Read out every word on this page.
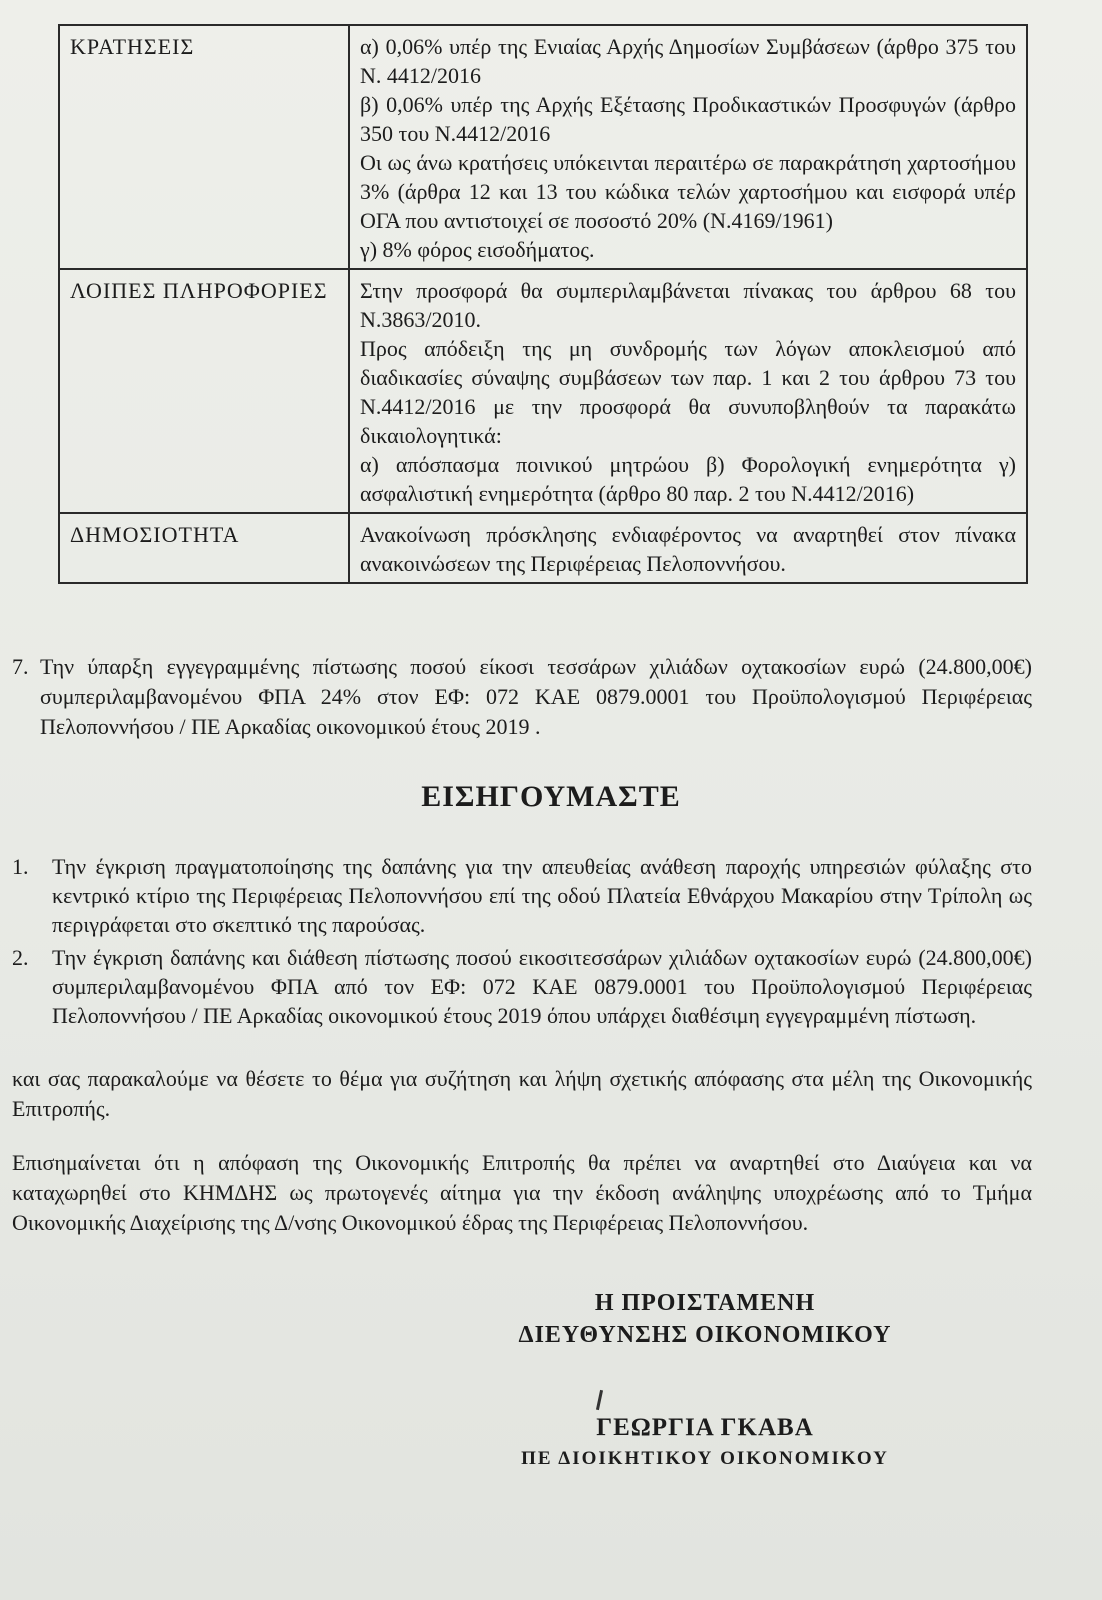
ΚΡΑΤΗΣΕΙΣ	α) 0,06% υπέρ της Ενιαίας Αρχής Δημοσίων Συμβάσεων (άρθρο 375 του Ν. 4412/2016

β) 0,06% υπέρ της Αρχής Εξέτασης Προδικαστικών Προσφυγών (άρθρο 350 του Ν.4412/2016

Οι ως άνω κρατήσεις υπόκεινται περαιτέρω σε παρακράτηση χαρτοσήμου 3% (άρθρα 12 και 13 του κώδικα τελών χαρτοσήμου και εισφορά υπέρ ΟΓΑ που αντιστοιχεί σε ποσοστό 20% (Ν.4169/1961)

γ) 8% φόρος εισοδήματος.

ΛΟΙΠΕΣ ΠΛΗΡΟΦΟΡΙΕΣ	Στην προσφορά θα συμπεριλαμβάνεται πίνακας του άρθρου 68 του Ν.3863/2010.

Προς απόδειξη της μη συνδρομής των λόγων αποκλεισμού από διαδικασίες σύναψης συμβάσεων των παρ. 1 και 2 του άρθρου 73 του Ν.4412/2016 με την προσφορά θα συνυποβληθούν τα παρακάτω δικαιολογητικά:

α) απόσπασμα ποινικού μητρώου β) Φορολογική ενημερότητα γ) ασφαλιστική ενημερότητα (άρθρο 80 παρ. 2 του Ν.4412/2016)

ΔΗΜΟΣΙΟΤΗΤΑ	Ανακοίνωση πρόσκλησης ενδιαφέροντος να αναρτηθεί στον πίνακα ανακοινώσεων της Περιφέρειας Πελοποννήσου.

7. Την ύπαρξη εγγεγραμμένης πίστωσης ποσού είκοσι τεσσάρων χιλιάδων οχτακοσίων ευρώ (24.800,00€) συμπεριλαμβανομένου ΦΠΑ 24% στον ΕΦ: 072 ΚΑΕ 0879.0001 του Προϋπολογισμού Περιφέρειας Πελοποννήσου / ΠΕ Αρκαδίας οικονομικού έτους 2019 .
ΕΙΣΗΓΟΥΜΑΣΤΕ
1. Την έγκριση πραγματοποίησης της δαπάνης για την απευθείας ανάθεση παροχής υπηρεσιών φύλαξης στο κεντρικό κτίριο της Περιφέρειας Πελοποννήσου επί της οδού Πλατεία Εθνάρχου Μακαρίου στην Τρίπολη ως περιγράφεται στο σκεπτικό της παρούσας.
2. Την έγκριση δαπάνης και διάθεση πίστωσης ποσού εικοσιτεσσάρων χιλιάδων οχτακοσίων ευρώ (24.800,00€) συμπεριλαμβανομένου ΦΠΑ από τον ΕΦ: 072 ΚΑΕ 0879.0001 του Προϋπολογισμού Περιφέρειας Πελοποννήσου / ΠΕ Αρκαδίας οικονομικού έτους 2019 όπου υπάρχει διαθέσιμη εγγεγραμμένη πίστωση.
και σας παρακαλούμε να θέσετε το θέμα για συζήτηση και λήψη σχετικής απόφασης στα μέλη της Οικονομικής Επιτροπής.
Επισημαίνεται ότι η απόφαση της Οικονομικής Επιτροπής θα πρέπει να αναρτηθεί στο Διαύγεια και να καταχωρηθεί στο ΚΗΜΔΗΣ ως πρωτογενές αίτημα για την έκδοση ανάληψης υποχρέωσης από το Τμήμα Οικονομικής Διαχείρισης της Δ/νσης Οικονομικού έδρας της Περιφέρειας Πελοποννήσου.
Η ΠΡΟΙΣΤΑΜΕΝΗ
ΔΙΕΥΘΥΝΣΗΣ ΟΙΚΟΝΟΜΙΚΟΥ
ΓΕΩΡΓΙΑ ΓΚΑΒΑ
ΠΕ ΔΙΟΙΚΗΤΙΚΟΥ ΟΙΚΟΝΟΜΙΚΟΥ
